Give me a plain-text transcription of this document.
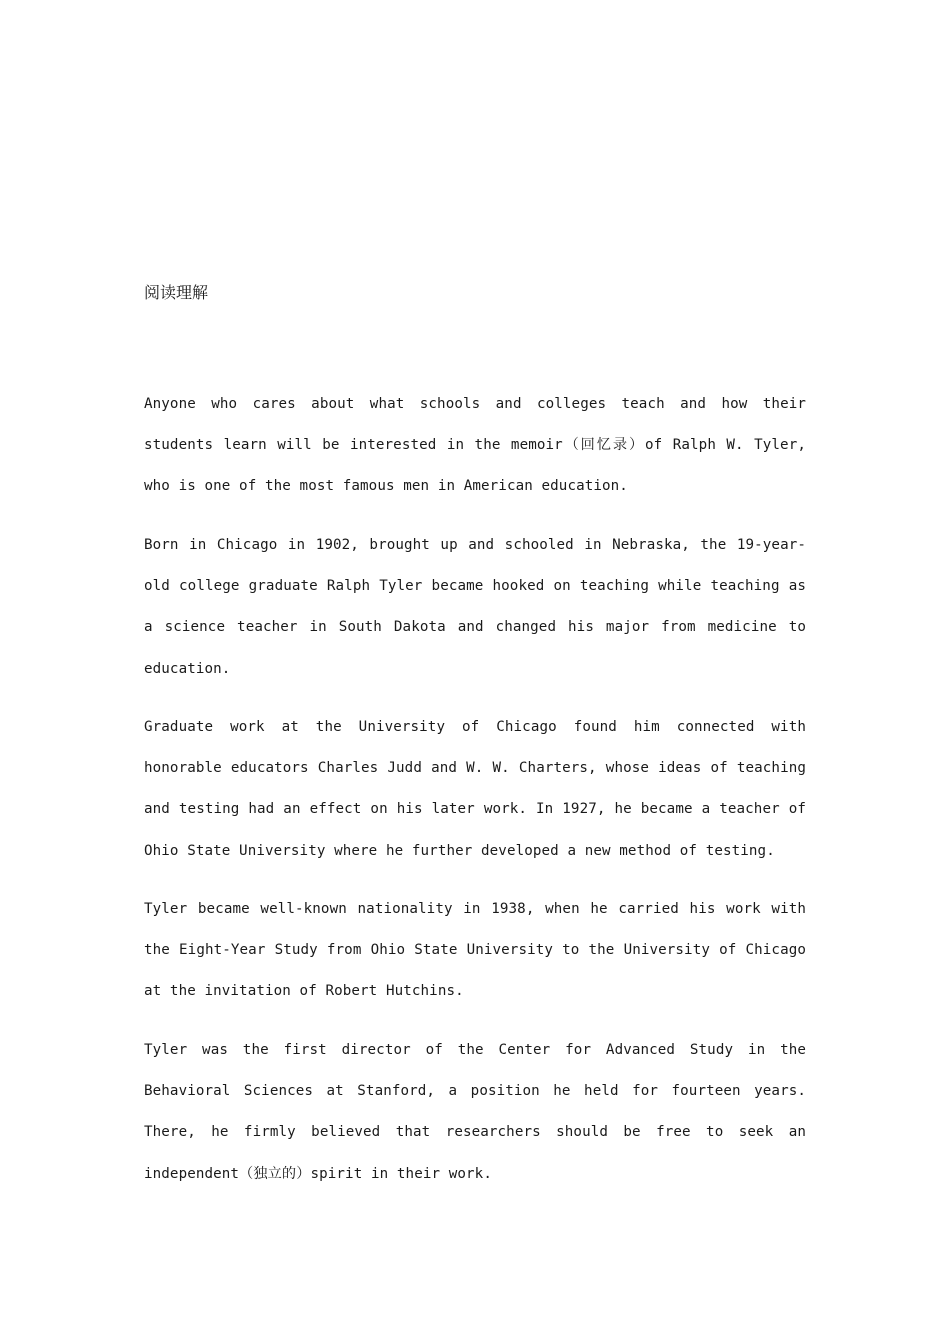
阅读理解

Anyone who cares about what schools and colleges teach and how their students learn will be interested in the memoir（回忆录）of Ralph W. Tyler, who is one of the most famous men in American education.

Born in Chicago in 1902, brought up and schooled in Nebraska, the 19-year-old college graduate Ralph Tyler became hooked on teaching while teaching as a science teacher in South Dakota and changed his major from medicine to education.

Graduate work at the University of Chicago found him connected with honorable educators Charles Judd and W. W. Charters, whose ideas of teaching and testing had an effect on his later work. In 1927, he became a teacher of Ohio State University where he further developed a new method of testing.

Tyler became well-known nationality in 1938, when he carried his work with the Eight-Year Study from Ohio State University to the University of Chicago at the invitation of Robert Hutchins.

Tyler was the first director of the Center for Advanced Study in the Behavioral Sciences at Stanford, a position he held for fourteen years. There, he firmly believed that researchers should be free to seek an independent（独立的）spirit in their work.
